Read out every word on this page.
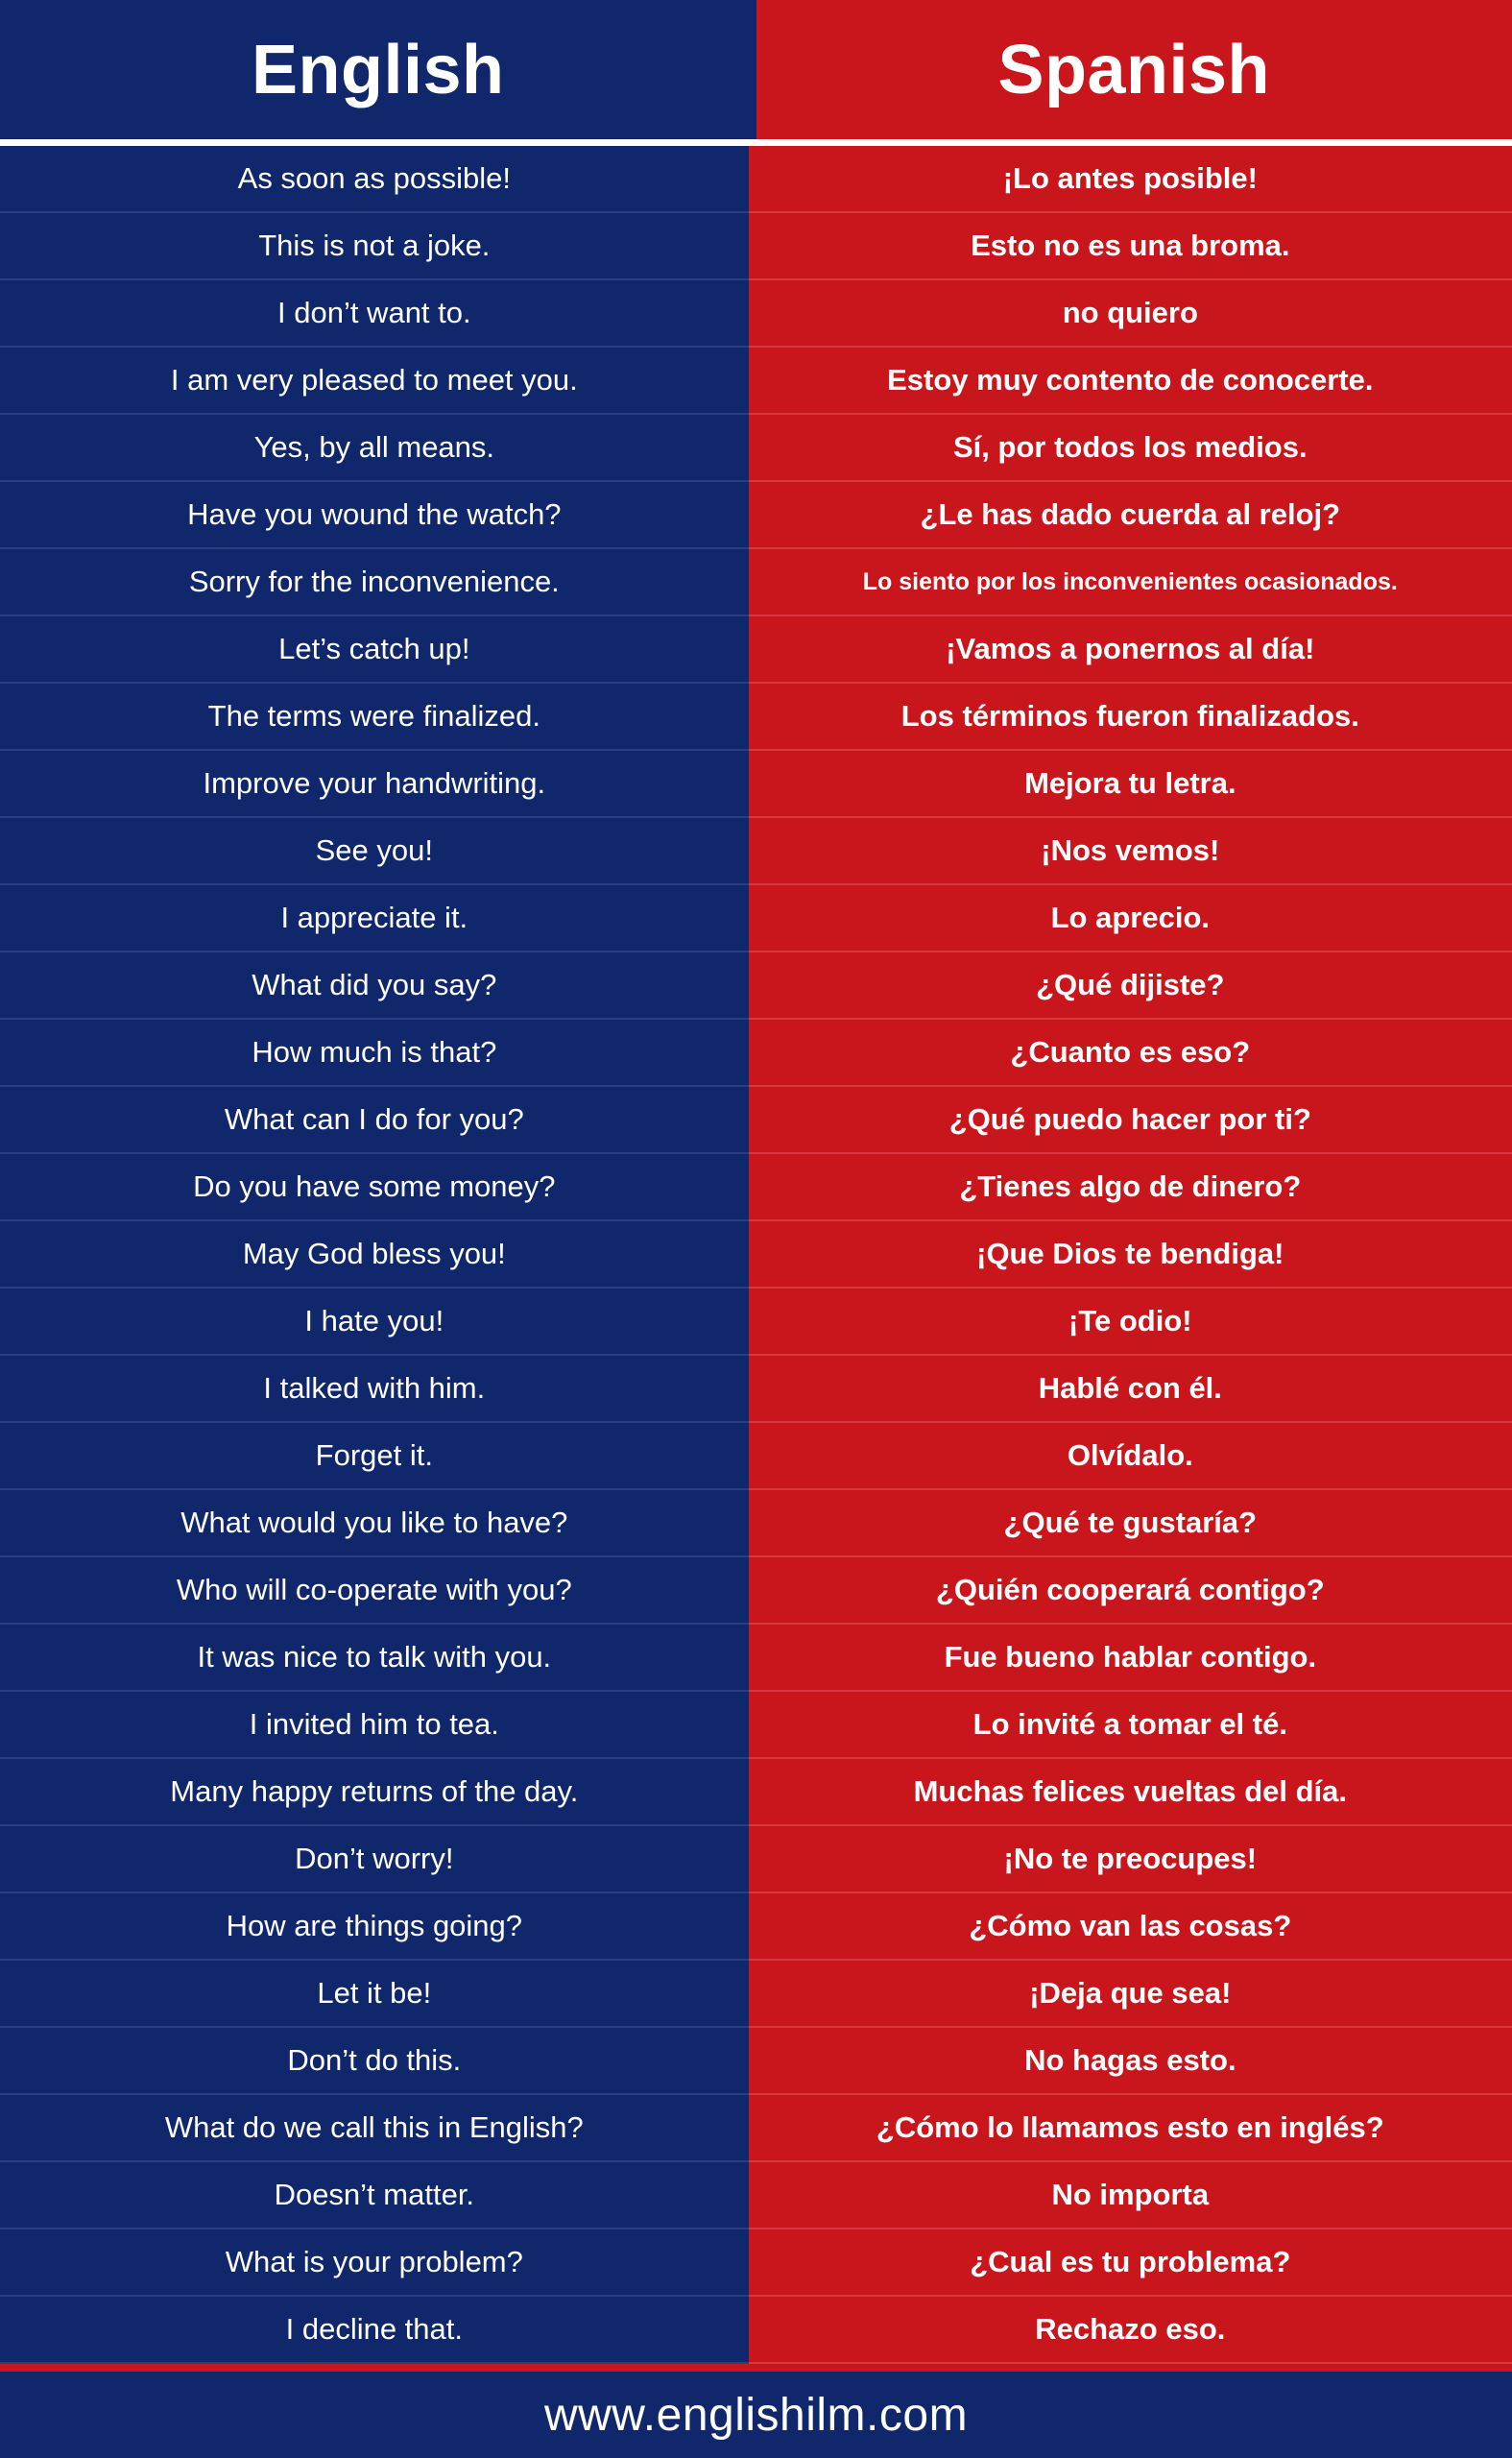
English	Spanish
As soon as possible!	¡Lo antes posible!
This is not a joke.	Esto no es una broma.
I don’t want to.	no quiero
I am very pleased to meet you.	Estoy muy contento de conocerte.
Yes, by all means.	Sí, por todos los medios.
Have you wound the watch?	¿Le has dado cuerda al reloj?
Sorry for the inconvenience.	Lo siento por los inconvenientes ocasionados.
Let’s catch up!	¡Vamos a ponernos al día!
The terms were finalized.	Los términos fueron finalizados.
Improve your handwriting.	Mejora tu letra.
See you!	¡Nos vemos!
I appreciate it.	Lo aprecio.
What did you say?	¿Qué dijiste?
How much is that?	¿Cuanto es eso?
What can I do for you?	¿Qué puedo hacer por ti?
Do you have some money?	¿Tienes algo de dinero?
May God bless you!	¡Que Dios te bendiga!
I hate you!	¡Te odio!
I talked with him.	Hablé con él.
Forget it.	Olvídalo.
What would you like to have?	¿Qué te gustaría?
Who will co-operate with you?	¿Quién cooperará contigo?
It was nice to talk with you.	Fue bueno hablar contigo.
I invited him to tea.	Lo invité a tomar el té.
Many happy returns of the day.	Muchas felices vueltas del día.
Don’t worry!	¡No te preocupes!
How are things going?	¿Cómo van las cosas?
Let it be!	¡Deja que sea!
Don’t do this.	No hagas esto.
What do we call this in English?	¿Cómo lo llamamos esto en inglés?
Doesn’t matter.	No importa
What is your problem?	¿Cual es tu problema?
I decline that.	Rechazo eso.
www.englishilm.com
